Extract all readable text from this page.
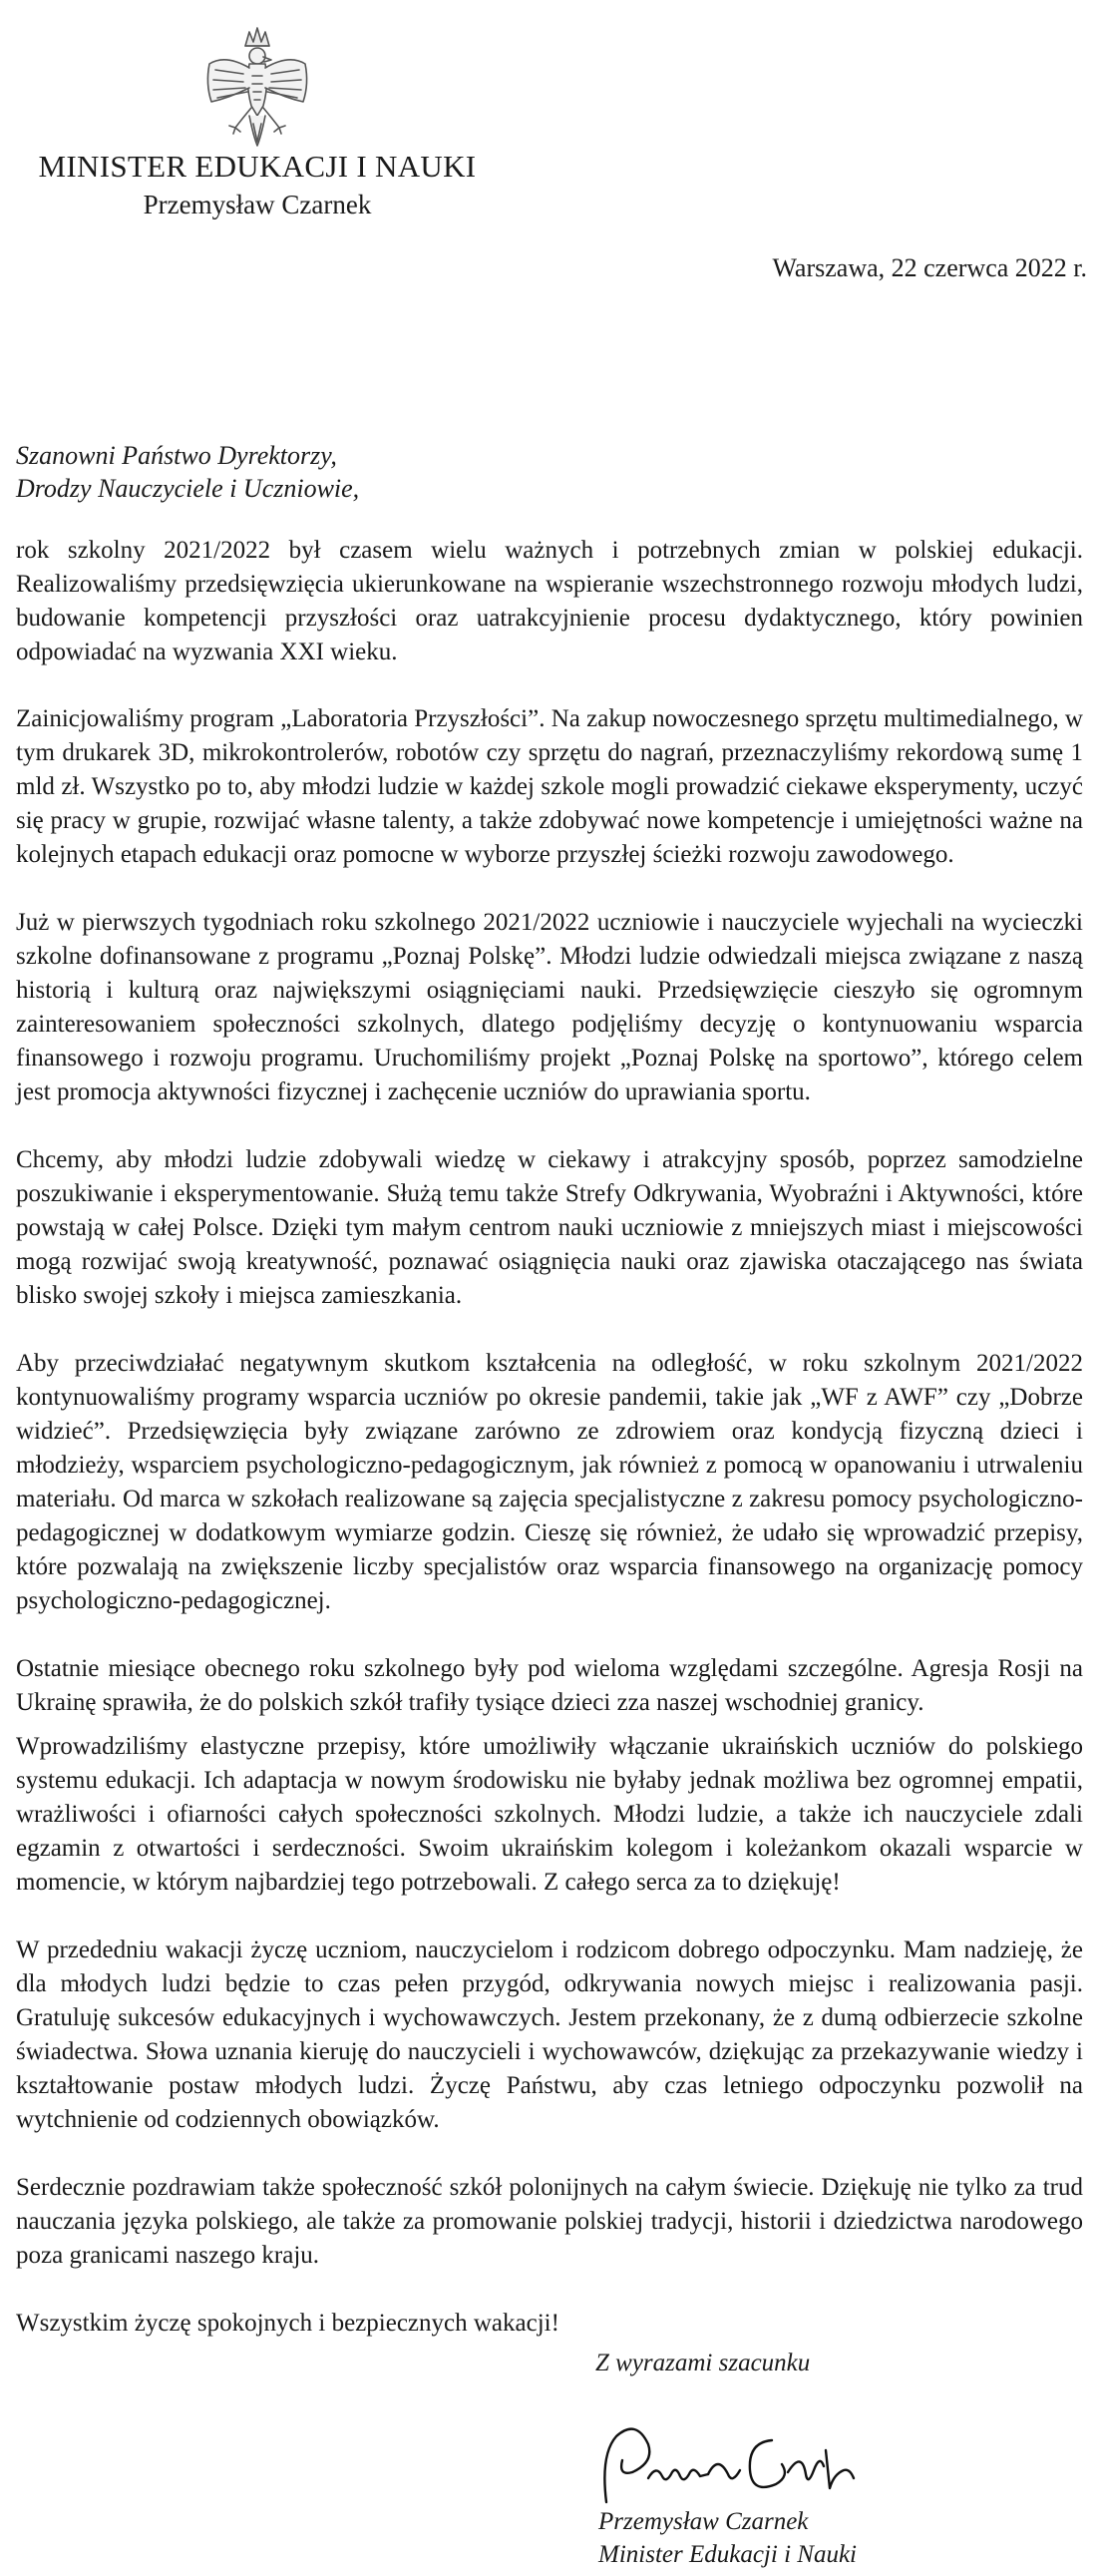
MINISTER EDUKACJI I NAUKI
Przemysław Czarnek
Warszawa, 22 czerwca 2022 r.
Szanowni Państwo Dyrektorzy,
Drodzy Nauczyciele i Uczniowie,

rok szkolny 2021/2022 był czasem wielu ważnych i potrzebnych zmian w polskiej edukacji. Realizowaliśmy przedsięwzięcia ukierunkowane na wspieranie wszechstronnego rozwoju młodych ludzi, budowanie kompetencji przyszłości oraz uatrakcyjnienie procesu dydaktycznego, który powinien odpowiadać na wyzwania XXI wieku.

Zainicjowaliśmy program „Laboratoria Przyszłości”. Na zakup nowoczesnego sprzętu multimedialnego, w tym drukarek 3D, mikrokontrolerów, robotów czy sprzętu do nagrań, przeznaczyliśmy rekordową sumę 1 mld zł. Wszystko po to, aby młodzi ludzie w każdej szkole mogli prowadzić ciekawe eksperymenty, uczyć się pracy w grupie, rozwijać własne talenty, a także zdobywać nowe kompetencje i umiejętności ważne na kolejnych etapach edukacji oraz pomocne w wyborze przyszłej ścieżki rozwoju zawodowego.

Już w pierwszych tygodniach roku szkolnego 2021/2022 uczniowie i nauczyciele wyjechali na wycieczki szkolne dofinansowane z programu „Poznaj Polskę”. Młodzi ludzie odwiedzali miejsca związane z naszą historią i kulturą oraz największymi osiągnięciami nauki. Przedsięwzięcie cieszyło się ogromnym zainteresowaniem społeczności szkolnych, dlatego podjęliśmy decyzję o kontynuowaniu wsparcia finansowego i rozwoju programu. Uruchomiliśmy projekt „Poznaj Polskę na sportowo”, którego celem jest promocja aktywności fizycznej i zachęcenie uczniów do uprawiania sportu.

Chcemy, aby młodzi ludzie zdobywali wiedzę w ciekawy i atrakcyjny sposób, poprzez samodzielne poszukiwanie i eksperymentowanie. Służą temu także Strefy Odkrywania, Wyobraźni i Aktywności, które powstają w całej Polsce. Dzięki tym małym centrom nauki uczniowie z mniejszych miast i miejscowości mogą rozwijać swoją kreatywność, poznawać osiągnięcia nauki oraz zjawiska otaczającego nas świata blisko swojej szkoły i miejsca zamieszkania.

Aby przeciwdziałać negatywnym skutkom kształcenia na odległość, w roku szkolnym 2021/2022 kontynuowaliśmy programy wsparcia uczniów po okresie pandemii, takie jak „WF z AWF” czy „Dobrze widzieć”. Przedsięwzięcia były związane zarówno ze zdrowiem oraz kondycją fizyczną dzieci i młodzieży, wsparciem psychologiczno-pedagogicznym, jak również z pomocą w opanowaniu i utrwaleniu materiału. Od marca w szkołach realizowane są zajęcia specjalistyczne z zakresu pomocy psychologiczno-pedagogicznej w dodatkowym wymiarze godzin. Cieszę się również, że udało się wprowadzić przepisy, które pozwalają na zwiększenie liczby specjalistów oraz wsparcia finansowego na organizację pomocy psychologiczno-pedagogicznej.

Ostatnie miesiące obecnego roku szkolnego były pod wieloma względami szczególne. Agresja Rosji na Ukrainę sprawiła, że do polskich szkół trafiły tysiące dzieci zza naszej wschodniej granicy.

Wprowadziliśmy elastyczne przepisy, które umożliwiły włączanie ukraińskich uczniów do polskiego systemu edukacji. Ich adaptacja w nowym środowisku nie byłaby jednak możliwa bez ogromnej empatii, wrażliwości i ofiarności całych społeczności szkolnych. Młodzi ludzie, a także ich nauczyciele zdali egzamin z otwartości i serdeczności. Swoim ukraińskim kolegom i koleżankom okazali wsparcie w momencie, w którym najbardziej tego potrzebowali. Z całego serca za to dziękuję!

W przededniu wakacji życzę uczniom, nauczycielom i rodzicom dobrego odpoczynku. Mam nadzieję, że dla młodych ludzi będzie to czas pełen przygód, odkrywania nowych miejsc i realizowania pasji. Gratuluję sukcesów edukacyjnych i wychowawczych. Jestem przekonany, że z dumą odbierzecie szkolne świadectwa. Słowa uznania kieruję do nauczycieli i wychowawców, dziękując za przekazywanie wiedzy i kształtowanie postaw młodych ludzi. Życzę Państwu, aby czas letniego odpoczynku pozwolił na wytchnienie od codziennych obowiązków.

Serdecznie pozdrawiam także społeczność szkół polonijnych na całym świecie. Dziękuję nie tylko za trud nauczania języka polskiego, ale także za promowanie polskiej tradycji, historii i dziedzictwa narodowego poza granicami naszego kraju.

Wszystkim życzę spokojnych i bezpiecznych wakacji!

Z wyrazami szacunku
Przemysław Czarnek
Minister Edukacji i Nauki
